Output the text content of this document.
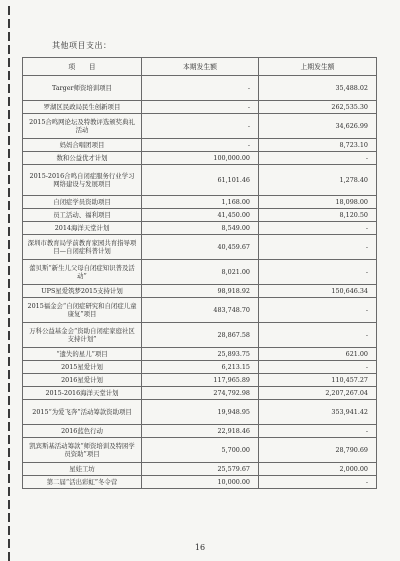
其他项目支出：
项　　目	本期发生额	上期发生额
Targer师资培训项目	-	35,488.02
罗湖区民政局民生创新项目	-	262,535.30
2015合鸣网论坛及特教评选颁奖典礼活动	-	34,626.99
妈妈合唱团项目	-	8,723.10
数和公益优才计划	100,000.00	-
2015-2016合鸣自闭症服务行业学习网络建设与发展项目	61,101.46	1,278.40
自闭症学员资助项目	1,168.00	18,098.00
员工活动、福利项目	41,450.00	8,120.50
2014海洋天堂计划	8,549.00	-
深圳市教育局学前教育家园共育指导项目—自闭症科普计划	40,459.67	-
蕾贝斯“新生儿父母自闭症知识普及活动”	8,021.00	-
UPS星爱筑梦2015支持计划	98,918.92	150,646.34
2015福金会“自闭症研究和自闭症儿童康复”项目	483,748.70	-
万科公益基金会“资助自闭症家庭社区支持计划”	28,867.58	-
“遗失的星儿”项目	25,893.75	621.00
2015星爱计划	6,213.15	-
2016星爱计划	117,965.89	110,457.27
2015-2016海洋天堂计划	274,792.98	2,207,267.04
2015“为爱飞奔”活动筹款资助项目	19,948.95	353,941.42
2016蓝色行动	22,918.46	-
凯宾斯基活动筹款“师资培训及特困学员资助”项目	5,700.00	28,790.69
星娃工坊	25,579.67	2,000.00
第二届“活出彩虹”冬令营	10,000.00	-
16
